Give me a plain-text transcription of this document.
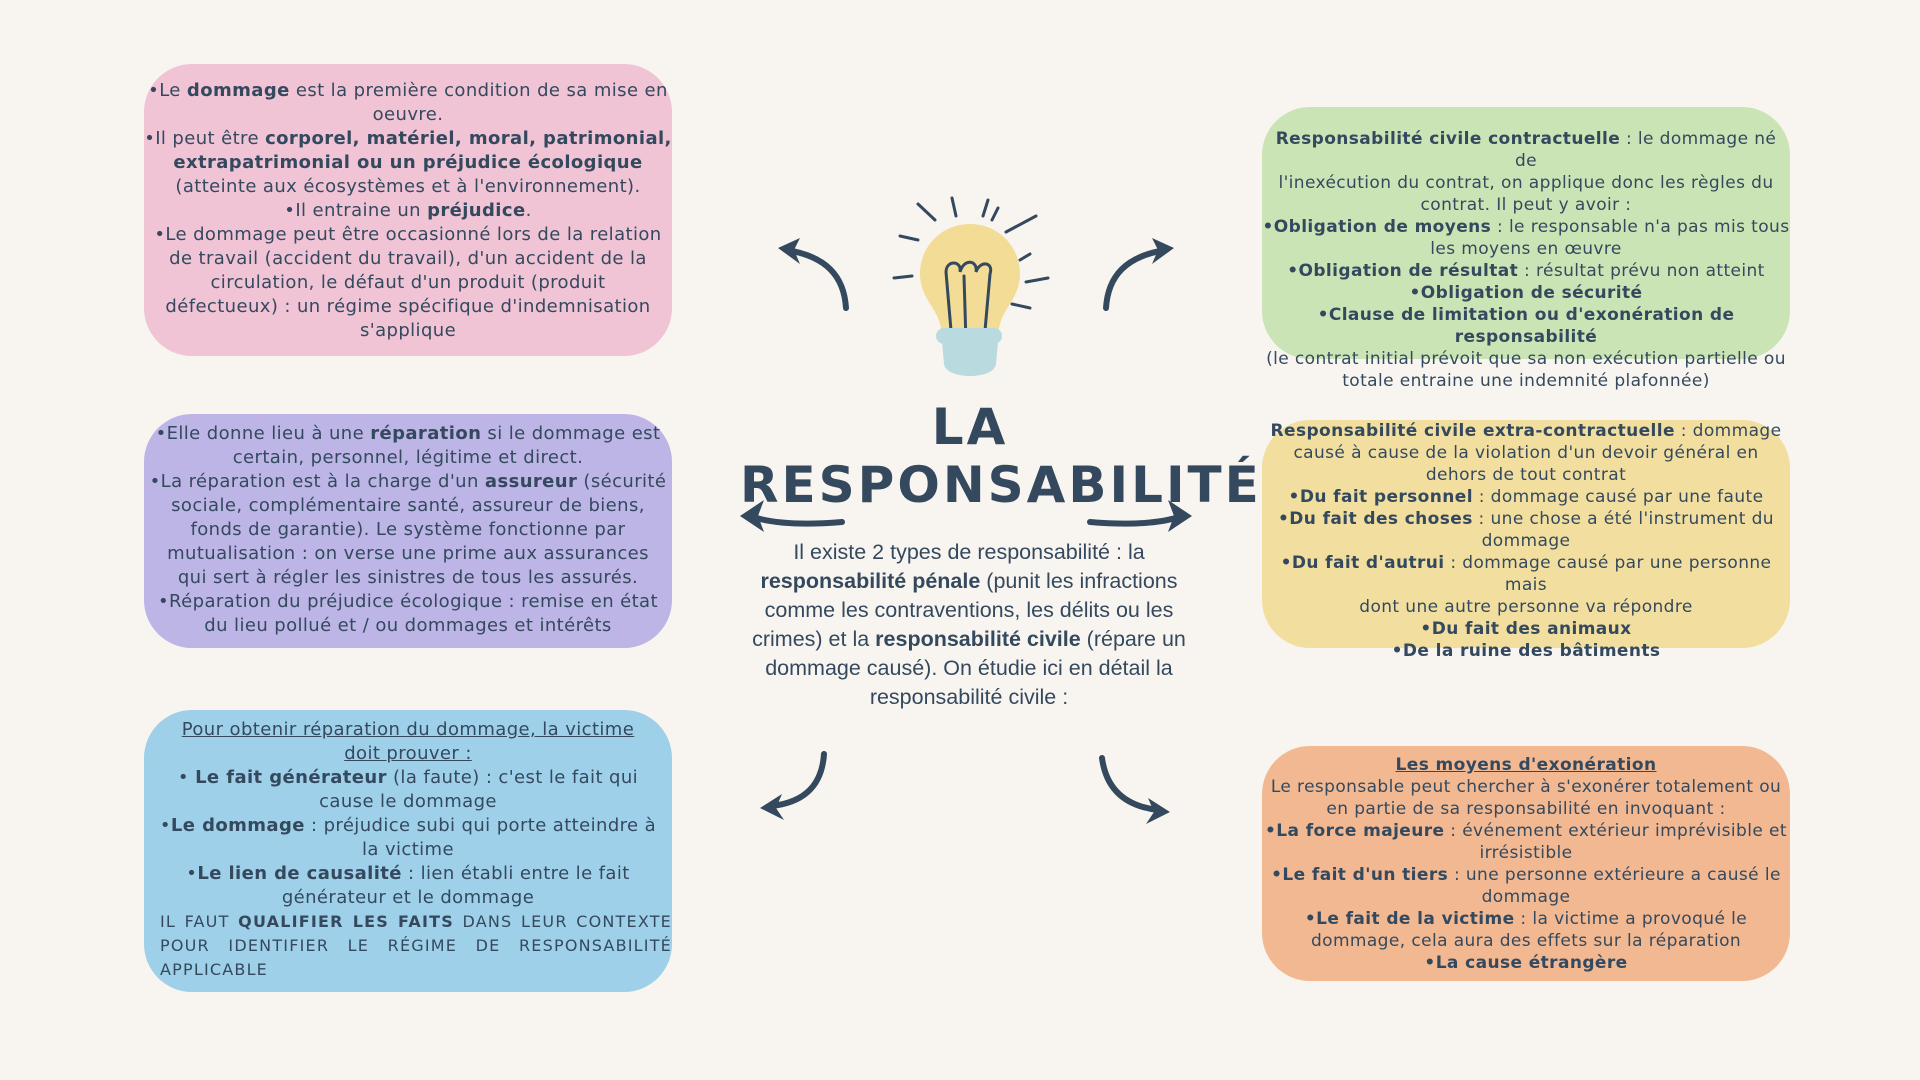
LA
RESPONSABILITÉ
Il existe 2 types de responsabilité : la responsabilité pénale (punit les infractions comme les contraventions, les délits ou les crimes) et la responsabilité civile (répare un dommage causé). On étudie ici en détail la responsabilité civile :
•Le dommage est la première condition de sa mise en
oeuvre.
•Il peut être corporel, matériel, moral, patrimonial,
extrapatrimonial ou un préjudice écologique
(atteinte aux écosystèmes et à l'environnement).
•Il entraine un préjudice.
•Le dommage peut être occasionné lors de la relation
de travail (accident du travail), d'un accident de la
circulation, le défaut d'un produit (produit
défectueux) : un régime spécifique d'indemnisation
s'applique
•Elle donne lieu à une réparation si le dommage est
certain, personnel, légitime et direct.
•La réparation est à la charge d'un assureur (sécurité
sociale, complémentaire santé, assureur de biens,
fonds de garantie). Le système fonctionne par
mutualisation : on verse une prime aux assurances
qui sert à régler les sinistres de tous les assurés.
•Réparation du préjudice écologique : remise en état
du lieu pollué et / ou dommages et intérêts
Pour obtenir réparation du dommage, la victime
doit prouver :
• Le fait générateur (la faute) : c'est le fait qui
cause le dommage
•Le dommage : préjudice subi qui porte atteindre à
la victime
•Le lien de causalité : lien établi entre le fait
générateur et le dommage
IL FAUT QUALIFIER LES FAITS DANS LEUR CONTEXTE
POUR IDENTIFIER LE RÉGIME DE RESPONSABILITÉ
APPLICABLE
Responsabilité civile contractuelle : le dommage né de
l'inexécution du contrat, on applique donc les règles du
contrat. Il peut y avoir :
•Obligation de moyens : le responsable n'a pas mis tous
les moyens en œuvre
•Obligation de résultat : résultat prévu non atteint
•Obligation de sécurité
•Clause de limitation ou d'exonération de responsabilité
(le contrat initial prévoit que sa non exécution partielle ou
totale entraine une indemnité plafonnée)
Responsabilité civile extra-contractuelle : dommage
causé à cause de la violation d'un devoir général en
dehors de tout contrat
•Du fait personnel : dommage causé par une faute
•Du fait des choses : une chose a été l'instrument du
dommage
•Du fait d'autrui : dommage causé par une personne mais
dont une autre personne va répondre
•Du fait des animaux
•De la ruine des bâtiments
Les moyens d'exonération
Le responsable peut chercher à s'exonérer totalement ou
en partie de sa responsabilité en invoquant :
•La force majeure : événement extérieur imprévisible et
irrésistible
•Le fait d'un tiers : une personne extérieure a causé le
dommage
•Le fait de la victime : la victime a provoqué le
dommage, cela aura des effets sur la réparation
•La cause étrangère
